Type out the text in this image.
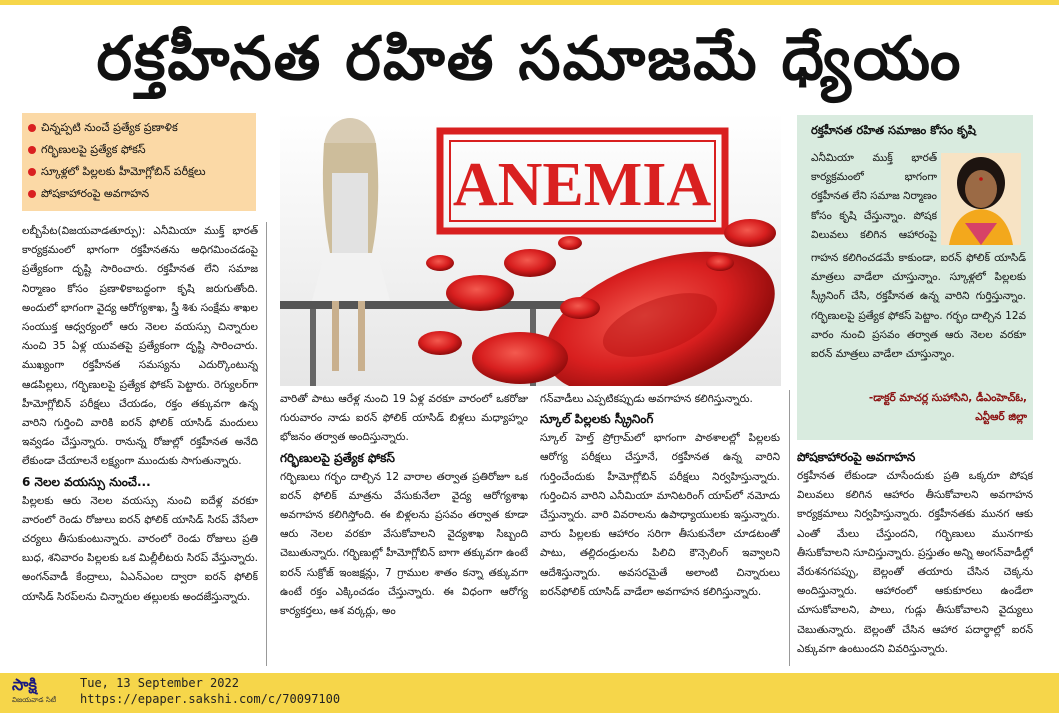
రక్తహీనత రహిత సమాజమే ధ్యేయం
చిన్నప్పటి నుంచే ప్రత్యేక ప్రణాళిక
గర్భిణులపై ప్రత్యేక ఫోకస్
స్కూళ్లలో పిల్లలకు హీమోగ్లోబిన్ పరీక్షలు
పోషకాహారంపై అవగాహన	ANEMIA

లబ్బీపేట(విజయవాడతూర్పు): ఎనీమియా ముక్త్ భారత్ కార్యక్రమంలో భాగంగా రక్తహీనతను అధిగమించడంపై ప్రత్యేకంగా దృష్టి సారించారు. రక్తహీనత లేని సమాజ నిర్మాణం కోసం ప్రణాళికాబద్ధంగా కృషి జరుగుతోంది. అందులో భాగంగా వైద్య ఆరోగ్యశాఖ, స్త్రీ శిశు సంక్షేమ శాఖల సంయుక్త ఆధ్వర్యంలో ఆరు నెలల వయస్సు చిన్నారుల నుంచి 35 ఏళ్ల యువతపై ప్రత్యేకంగా దృష్టి సారించారు. ముఖ్యంగా రక్తహీనత సమస్యను ఎదుర్కొంటున్న ఆడపిల్లలు, గర్భిణులపై ప్రత్యేక ఫోకస్ పెట్టారు. రెగ్యులర్‌గా హీమోగ్లోబిన్ పరీక్షలు చేయడం, రక్తం తక్కువగా ఉన్న వారిని గుర్తించి వారికి ఐరన్ ఫోలిక్ యాసిడ్ మందులు ఇవ్వడం చేస్తున్నారు. రానున్న రోజుల్లో రక్తహీనత అనేది లేకుండా చేయాలనే లక్ష్యంగా ముందుకు సాగుతున్నారు.

6 నెలల వయస్సు నుంచే...

పిల్లలకు ఆరు నెలల వయస్సు నుంచి ఐదేళ్ల వరకూ వారంలో రెండు రోజులు ఐరన్ ఫోలిక్ యాసిడ్ సిరప్ వేసేలా చర్యలు తీసుకుంటున్నారు. వారంలో రెండు రోజులు ప్రతి బుధ, శనివారం పిల్లలకు ఒక మిల్లీలీటరు సిరప్ వేస్తున్నారు. అంగన్‌వాడీ కేంద్రాలు, ఏఎన్ఎంల ద్వారా ఐరన్ ఫోలిక్ యాసిడ్ సిరప్‌లను చిన్నారుల తల్లులకు అందజేస్తున్నారు.

వారితో పాటు ఆరేళ్ల నుంచి 19 ఏళ్ల వరకూ వారంలో ఒకరోజు గురువారం నాడు ఐరన్ ఫోలిక్ యాసిడ్ బిళ్లలు మధ్యాహ్నం భోజనం తర్వాత అందిస్తున్నారు.

గర్భిణులపై ప్రత్యేక ఫోకస్

గర్భిణులు గర్భం దాల్చిన 12 వారాల తర్వాత ప్రతిరోజూ ఒక ఐరన్ ఫోలిక్ మాత్రను వేసుకునేలా వైద్య ఆరోగ్యశాఖ అవగాహన కలిగిస్తోంది. ఈ బిళ్లలను ప్రసవం తర్వాత కూడా ఆరు నెలల వరకూ వేసుకోవాలని వైద్యశాఖ సిబ్బంది చెబుతున్నారు. గర్భిణుల్లో హీమోగ్లోబిన్ బాగా తక్కువగా ఉంటే ఐరన్ సుక్రోజ్ ఇంజక్షన్లు, 7 గ్రాముల శాతం కన్నా తక్కువగా ఉంటే రక్తం ఎక్కించడం చేస్తున్నారు. ఈ విధంగా ఆరోగ్య కార్యకర్తలు, ఆశ వర్కర్లు, అం

గన్‌వాడీలు ఎప్పటికప్పుడు అవగాహన కలిగిస్తున్నారు.

స్కూల్ పిల్లలకు స్క్రీనింగ్

స్కూల్ హెల్త్ ప్రోగ్రామ్‌లో భాగంగా పాఠశాలల్లో పిల్లలకు ఆరోగ్య పరీక్షలు చేస్తూనే, రక్తహీనత ఉన్న వారిని గుర్తించేందుకు హీమోగ్లోబిన్ పరీక్షలు నిర్వహిస్తున్నారు. గుర్తించిన వారిని ఎనీమియా మానిటరింగ్ యాప్‌లో నమోదు చేస్తున్నారు. వారి వివరాలను ఉపాధ్యాయులకు ఇస్తున్నారు. వారు పిల్లలకు ఆహారం సరిగా తీసుకునేలా చూడటంతో పాటు, తల్లిదండ్రులను పిలిచి కౌన్సెలింగ్ ఇవ్వాలని ఆదేశిస్తున్నారు. అవసరమైతే అలాంటి చిన్నారులు ఐరన్‌ఫోలిక్ యాసిడ్ వాడేలా అవగాహన కలిగిస్తున్నారు.

రక్తహీనత రహిత సమాజం కోసం కృషి
ఎనీమియా ముక్త్ భారత్ కార్యక్రమంలో భాగంగా రక్తహీనత లేని సమాజ నిర్మాణం కోసం కృషి చేస్తున్నాం. పోషక విలువలు కలిగిన ఆహారంపై
గాహన కలిగించడమే కాకుండా, ఐరన్ ఫోలిక్ యాసిడ్ మాత్రలు వాడేలా చూస్తున్నాం. స్కూళ్లలో పిల్లలకు స్క్రీనింగ్ చేసి, రక్తహీనత ఉన్న వారిని గుర్తిస్తున్నాం. గర్భిణులపై ప్రత్యేక ఫోకస్ పెట్టాం. గర్భం దాల్చిన 12వ వారం నుంచి ప్రసవం తర్వాత ఆరు నెలల వరకూ ఐరన్ మాత్రలు వాడేలా చూస్తున్నాం.
-డాక్టర్ మాచర్ల సుహాసిని, డీఎంహెచ్ఓ, ఎన్టీఆర్ జిల్లా
పోషకాహారంపై అవగాహన

రక్తహీనత లేకుండా చూసేందుకు ప్రతి ఒక్కరూ పోషక విలువలు కలిగిన ఆహారం తీసుకోవాలని అవగాహన కార్యక్రమాలు నిర్వహిస్తున్నారు. రక్తహీనతకు మునగ ఆకు ఎంతో మేలు చేస్తుందని, గర్భిణులు మునగాకు తీసుకోవాలని సూచిస్తున్నారు. ప్రస్తుతం అన్ని అంగన్‌వాడీల్లో వేరుశనగపప్పు, బెల్లంతో తయారు చేసిన చెక్కను అందిస్తున్నారు. ఆహారంలో ఆకుకూరలు ఉండేలా చూసుకోవాలని, పాలు, గుడ్లు తీసుకోవాలని వైద్యులు చెబుతున్నారు. బెల్లంతో చేసిన ఆహార పదార్థాల్లో ఐరన్ ఎక్కువగా ఉంటుందని వివరిస్తున్నారు.

సాక్షి
విజయవాడ సిటీ
Tue, 13 September 2022
https://epaper.sakshi.com/c/70097100
